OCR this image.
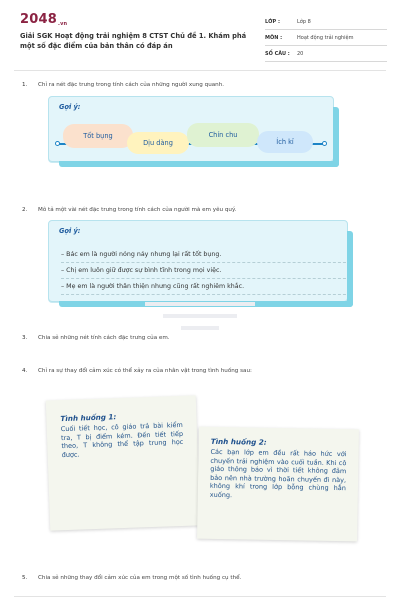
2048.vn
Giải SGK Hoạt động trải nghiệm 8 CTST Chủ đề 1. Khám phá một số đặc điểm của bản thân có đáp án
LỚP :	Lớp 8
MÔN :	Hoạt động trải nghiệm
SỐ CÂU :	20
1.	Chỉ ra nét đặc trưng trong tính cách của những người xung quanh.
Gợi ý:
Tốt bụng
Dịu dàng
Chín chu
Ích kỉ
2.	Mô tả một vài nét đặc trưng trong tính cách của người mà em yêu quý.
Gợi ý:
– Bác em là người nóng nảy nhưng lại rất tốt bụng.
– Chị em luôn giữ được sự bình tĩnh trong mọi việc.
– Mẹ em là người thân thiện nhưng cũng rất nghiêm khắc.
3.	Chia sẻ những nét tính cách đặc trưng của em.
4.	Chỉ ra sự thay đổi cảm xúc có thể xảy ra của nhân vật trong tình huống sau:
Tình huống 1:
Cuối tiết học, cô giáo trả bài kiểm tra, T bị điểm kém. Đến tiết tiếp theo, T không thể tập trung học được.
Tình huống 2:
Các bạn lớp em đều rất háo hức với chuyến trải nghiệm vào cuối tuần. Khi cô giáo thông báo vì thời tiết không đảm bảo nên nhà trường hoãn chuyến đi này, không khí trong lớp bỗng chùng hẳn xuống.
5.	Chia sẻ những thay đổi cảm xúc của em trong một số tình huống cụ thể.
